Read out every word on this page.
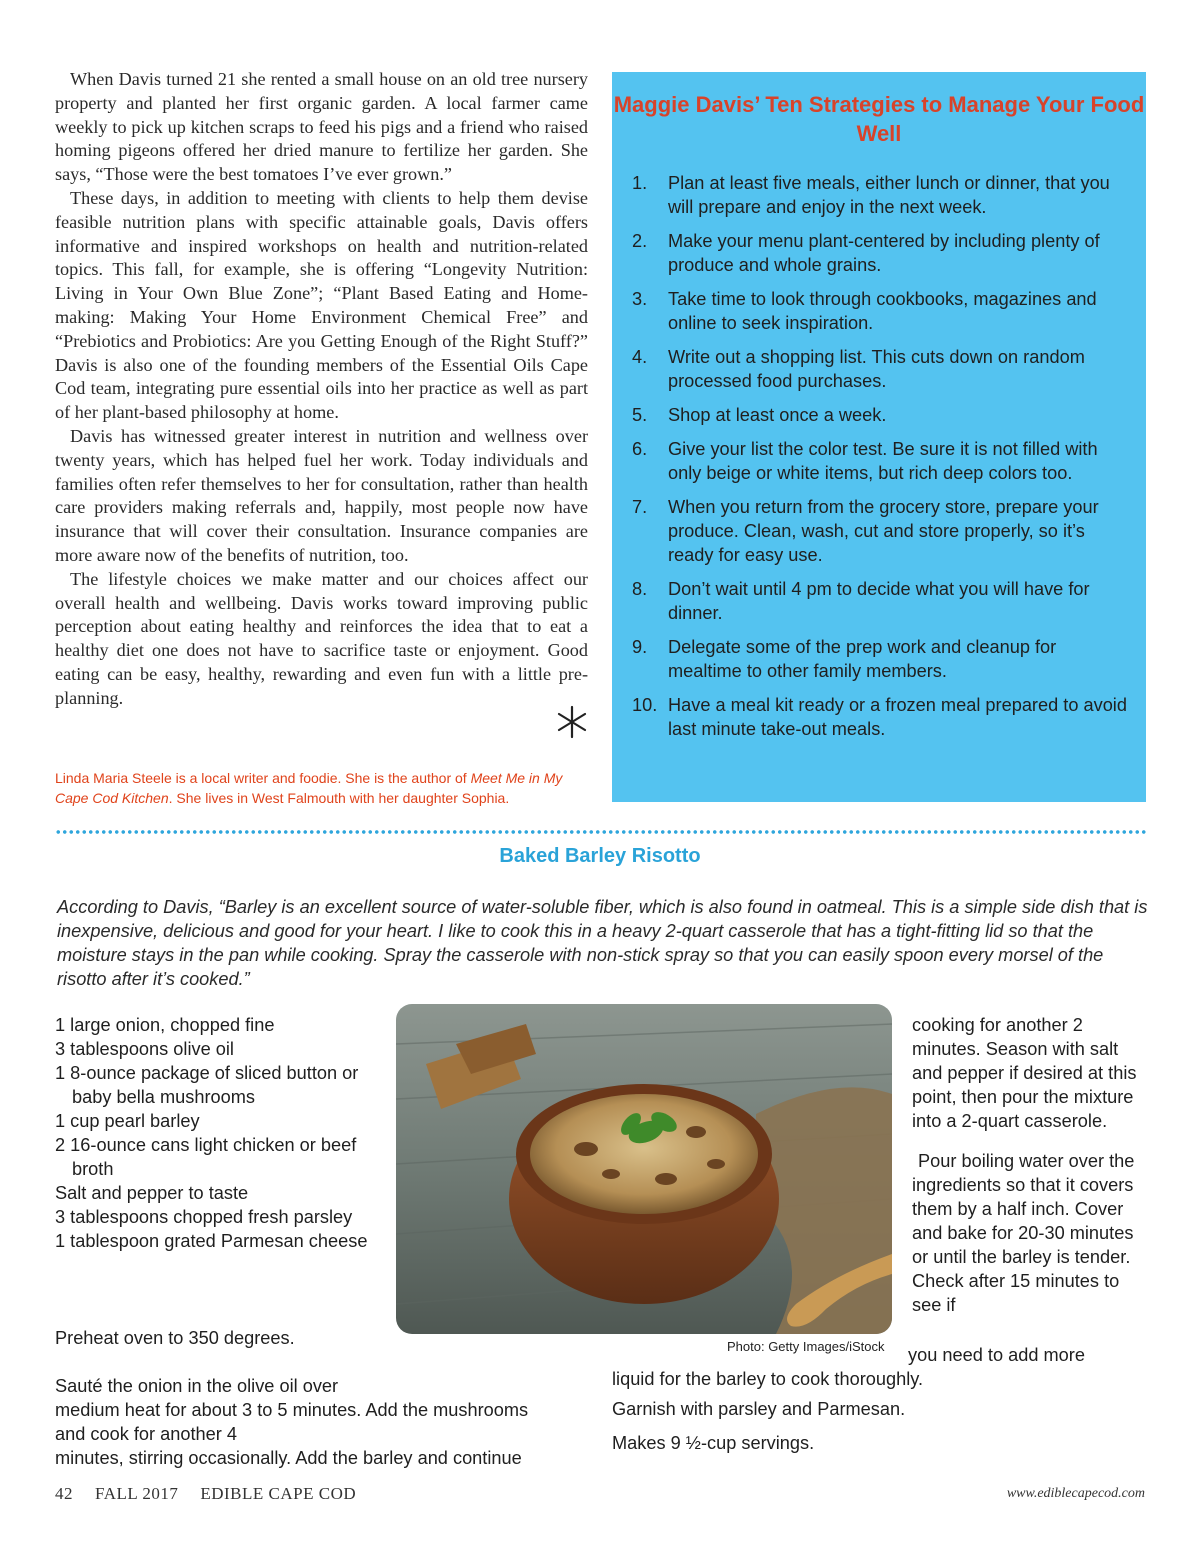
When Davis turned 21 she rented a small house on an old tree nursery property and planted her first organic garden. A local farmer came weekly to pick up kitchen scraps to feed his pigs and a friend who raised homing pigeons offered her dried manure to fertilize her garden. She says, “Those were the best tomatoes I’ve ever grown.”

These days, in addition to meeting with clients to help them devise feasible nutrition plans with specific attainable goals, Davis offers informative and inspired workshops on health and nutrition-related topics. This fall, for example, she is offering “Longevity Nutrition: Living in Your Own Blue Zone”; “Plant Based Eating and Home-making: Making Your Home Environment Chemical Free” and “Prebiotics and Probiotics: Are you Getting Enough of the Right Stuff?” Davis is also one of the founding members of the Essential Oils Cape Cod team, integrating pure essential oils into her practice as well as part of her plant-based philosophy at home.

Davis has witnessed greater interest in nutrition and wellness over twenty years, which has helped fuel her work. Today individuals and families often refer themselves to her for consultation, rather than health care providers making referrals and, happily, most people now have insurance that will cover their consultation. Insurance companies are more aware now of the benefits of nutrition, too.

The lifestyle choices we make matter and our choices affect our overall health and wellbeing. Davis works toward improving public perception about eating healthy and reinforces the idea that to eat a healthy diet one does not have to sacrifice taste or enjoyment. Good eating can be easy, healthy, rewarding and even fun with a little pre-planning.

Linda Maria Steele is a local writer and foodie. She is the author of Meet Me in My Cape Cod Kitchen. She lives in West Falmouth with her daughter Sophia.
Maggie Davis’ Ten Strategies to Manage Your Food Well
1. Plan at least five meals, either lunch or dinner, that you will prepare and enjoy in the next week.
2. Make your menu plant-centered by including plenty of produce and whole grains.
3. Take time to look through cookbooks, magazines and online to seek inspiration.
4. Write out a shopping list. This cuts down on random processed food purchases.
5. Shop at least once a week.
6. Give your list the color test. Be sure it is not filled with only beige or white items, but rich deep colors too.
7. When you return from the grocery store, prepare your produce. Clean, wash, cut and store properly, so it’s ready for easy use.
8. Don’t wait until 4 pm to decide what you will have for dinner.
9. Delegate some of the prep work and cleanup for mealtime to other family members.
10. Have a meal kit ready or a frozen meal prepared to avoid last minute take-out meals.
Baked Barley Risotto

According to Davis, “Barley is an excellent source of water-soluble fiber, which is also found in oatmeal. This is a simple side dish that is inexpensive, delicious and good for your heart. I like to cook this in a heavy 2-quart casserole that has a tight-fitting lid so that the moisture stays in the pan while cooking. Spray the casserole with non-stick spray so that you can easily spoon every morsel of the risotto after it’s cooked.”

1 large onion, chopped fine
3 tablespoons olive oil
1 8-ounce package of sliced button or baby bella mushrooms
1 cup pearl barley
2 16-ounce cans light chicken or beef broth
Salt and pepper to taste
3 tablespoons chopped fresh parsley
1 tablespoon grated Parmesan cheese
Photo: Getty Images/iStock

Preheat oven to 350 degrees.

Sauté the onion in the olive oil over

medium heat for about 3 to 5 minutes. Add the mushrooms

and cook for another 4

minutes, stirring occasionally. Add the barley and continue

cooking for another 2 minutes. Season with salt and pepper if desired at this point, then pour the mixture into a 2-quart casserole.

Pour boiling water over the ingredients so that it covers them by a half inch. Cover and bake for 20-30 minutes or until the barley is tender. Check after 15 minutes to see if

you need to add more

liquid for the barley to cook thoroughly.

Garnish with parsley and Parmesan.

Makes 9 ½-cup servings.

42 FALL 2017 EDIBLE CAPE COD	www.ediblecapecod.com
